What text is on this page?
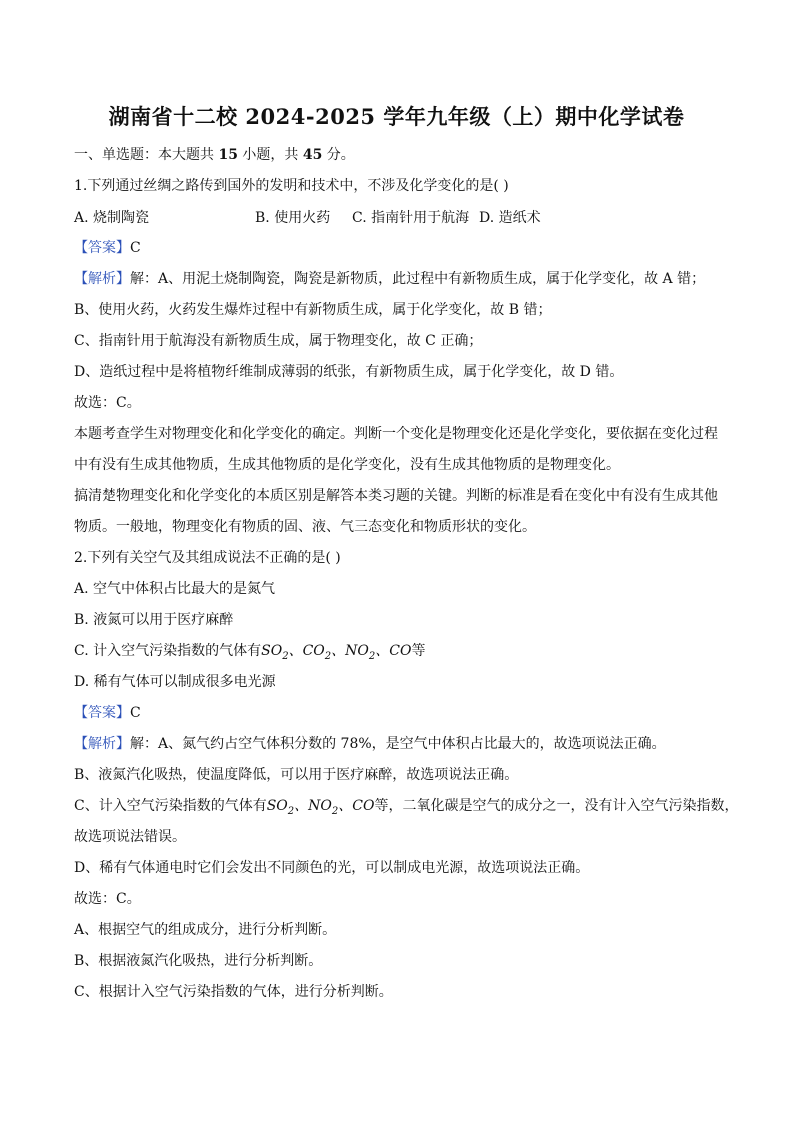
湖南省十二校 2024-2025 学年九年级（上）期中化学试卷
一、单选题：本大题共 15 小题，共 45 分。
1.下列通过丝绸之路传到国外的发明和技术中，不涉及化学变化的是( )
A. 烧制陶瓷	B. 使用火药 C. 指南针用于航海 D. 造纸术
【答案】C
【解析】解：A、用泥土烧制陶瓷，陶瓷是新物质，此过程中有新物质生成，属于化学变化，故 A 错；
B、使用火药，火药发生爆炸过程中有新物质生成，属于化学变化，故 B 错；
C、指南针用于航海没有新物质生成，属于物理变化，故 C 正确；
D、造纸过程中是将植物纤维制成薄弱的纸张，有新物质生成，属于化学变化，故 D 错。
故选：C。
本题考查学生对物理变化和化学变化的确定。判断一个变化是物理变化还是化学变化，要依据在变化过程
中有没有生成其他物质，生成其他物质的是化学变化，没有生成其他物质的是物理变化。
搞清楚物理变化和化学变化的本质区别是解答本类习题的关键。判断的标准是看在变化中有没有生成其他
物质。一般地，物理变化有物质的固、液、气三态变化和物质形状的变化。
2.下列有关空气及其组成说法不正确的是( )
A. 空气中体积占比最大的是氮气
B. 液氮可以用于医疗麻醉
C. 计入空气污染指数的气体有$SO_2$、$CO_2$、$NO_2$、CO等
D. 稀有气体可以制成很多电光源
【答案】C
【解析】解：A、氮气约占空气体积分数的 78%，是空气中体积占比最大的，故选项说法正确。
B、液氮汽化吸热，使温度降低，可以用于医疗麻醉，故选项说法正确。
C、计入空气污染指数的气体有$SO_2$、$NO_2$、CO等，二氧化碳是空气的成分之一，没有计入空气污染指数，
故选项说法错误。
D、稀有气体通电时它们会发出不同颜色的光，可以制成电光源，故选项说法正确。
故选：C。
A、根据空气的组成成分，进行分析判断。
B、根据液氮汽化吸热，进行分析判断。
C、根据计入空气污染指数的气体，进行分析判断。
